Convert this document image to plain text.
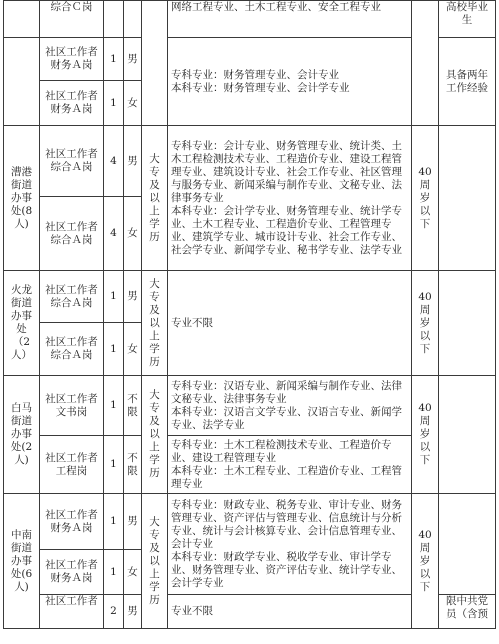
	综合Ｃ岗				网络工程专业、土木工程专业、安全工程专业		高校毕业生
	社区工作者财务Ａ岗	1	男		专科专业：财务管理专业、会计专业
本科专业：财务管理专业、会计学专业		具备两年工作经验
	社区工作者财务Ａ岗	1	女				
漕港街道办事处(8人)	社区工作者综合Ａ岗	4	男	大专及以上学历	专科专业：会计专业、财务管理专业、统计类、土木工程检测技术专业、工程造价专业、建设工程管理专业、建筑设计专业、社会工作专业、社区管理与服务专业、新闻采编与制作专业、文秘专业、法律事务专业
本科专业：会计学专业、财务管理专业、统计学专业、土木工程专业、工程造价专业、工程管理专业、建筑学专业、城市设计专业、社会工作专业、社会学专业、新闻学专业、秘书学专业、法学专业	40周岁以下	
	社区工作者综合Ａ岗	4	女				
火龙街道办事处（2人）	社区工作者综合Ａ岗	1	男	大专及以上学历	专业不限	40周岁以下	
	社区工作者综合Ａ岗	1	女				
白马街道办事处(2人)	社区工作者文书岗	1	不限	大专及以上学历	专科专业：汉语专业、新闻采编与制作专业、法律文秘专业、法律事务专业
本科专业：汉语言文学专业、汉语言专业、新闻学专业、法学专业	40周岁以下	
	社区工作者工程岗	1	不限		专科专业：土木工程检测技术专业、工程造价专业、建设工程管理专业
本科专业：土木工程专业、工程造价专业、工程管理专业		

中南街道办事处(6人)	社区工作者财务Ａ岗	1	男	大专及以上学历	专科专业：财政专业、税务专业、审计专业、财务管理专业、资产评估与管理专业、信息统计与分析专业、统计与会计核算专业、会计信息管理专业、会计专业
本科专业：财政学专业、税收学专业、审计学专业、财务管理专业、资产评估专业、统计学专业、会计学专业	40周岁以下	
	社区工作者财务Ａ岗	1	女				
	社区工作者	2	男		专业不限		限中共党员（含预
